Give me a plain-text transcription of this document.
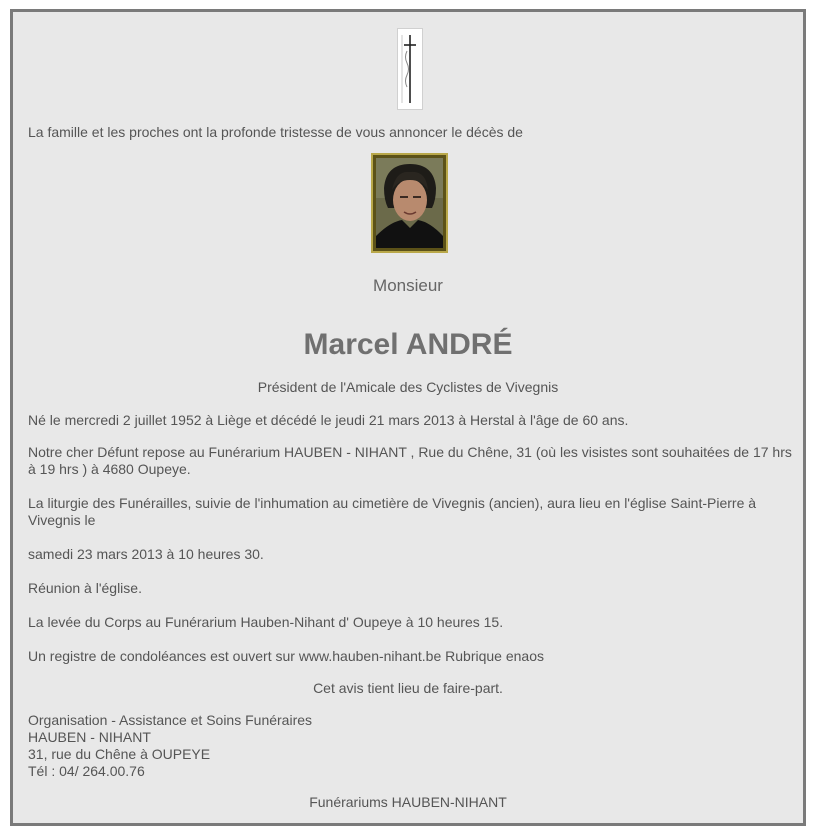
La famille et les proches ont la profonde tristesse de vous annoncer le décès de
Monsieur
Marcel ANDRÉ
Président de l'Amicale des Cyclistes de Vivegnis
Né le mercredi 2 juillet 1952 à Liège et décédé le jeudi 21 mars 2013 à Herstal à l'âge de 60 ans.
Notre cher Défunt repose au Funérarium HAUBEN - NIHANT , Rue du Chêne, 31 (où les visistes sont souhaitées de 17 hrs à 19 hrs ) à 4680 Oupeye.
La liturgie des Funérailles, suivie de l'inhumation au cimetière de Vivegnis (ancien), aura lieu en l'église Saint-Pierre à Vivegnis le
samedi 23 mars 2013 à 10 heures 30.
Réunion à l'église.
La levée du Corps au Funérarium Hauben-Nihant d' Oupeye à 10 heures 15.
Un registre de condoléances est ouvert sur www.hauben-nihant.be Rubrique enaos
Cet avis tient lieu de faire-part.
Organisation - Assistance et Soins Funéraires
HAUBEN - NIHANT
31, rue du Chêne à OUPEYE
Tél : 04/ 264.00.76
Funérariums HAUBEN-NIHANT
